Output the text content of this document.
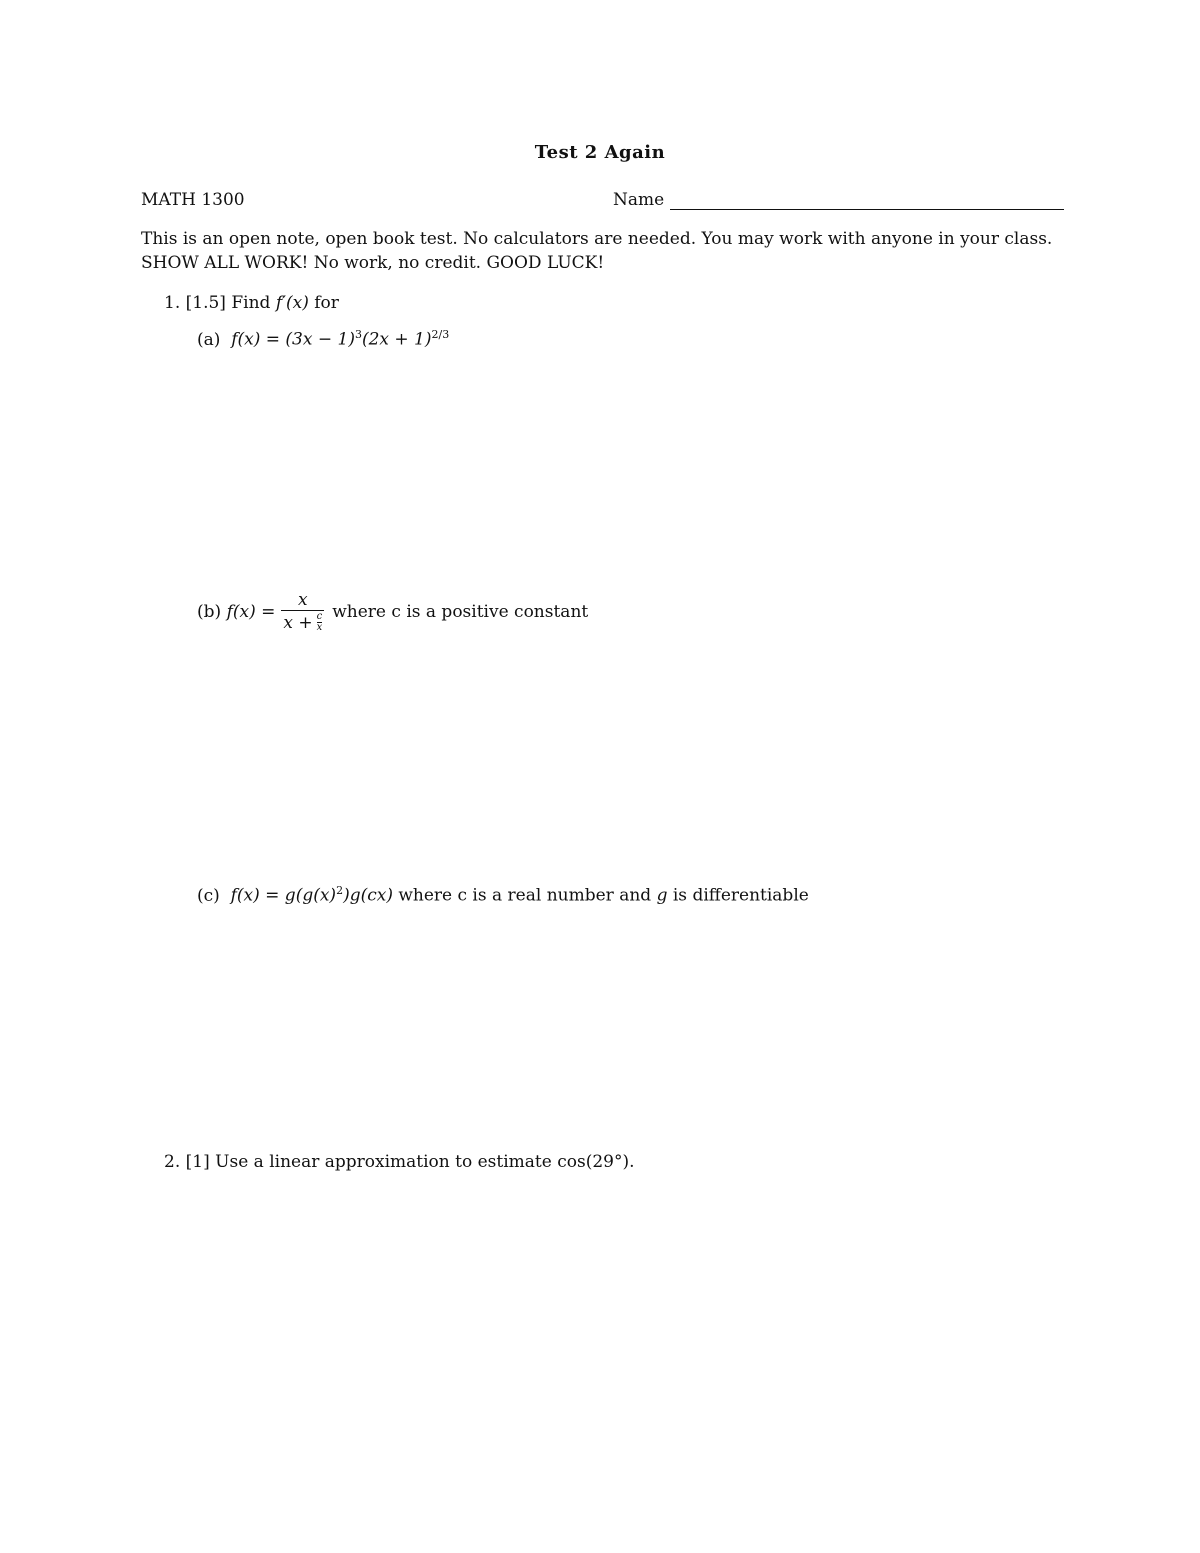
Test 2 Again
MATH 1300	Name
This is an open note, open book test. No calculators are needed. You may work with anyone in your class.
SHOW ALL WORK! No work, no credit. GOOD LUCK!
1. [1.5] Find f′(x) for
(a) $f(x) = (3x - 1)^3(2x + 1)^{2/3}$
(b)
$f(x) = \frac{x}{x + \frac{c}{x}}$ where c is a positive constant
(c) $f(x) = g(g(x)^2)g(cx)$ where c is a real number and g is differentiable
2. [1] Use a linear approximation to estimate cos(29°).
